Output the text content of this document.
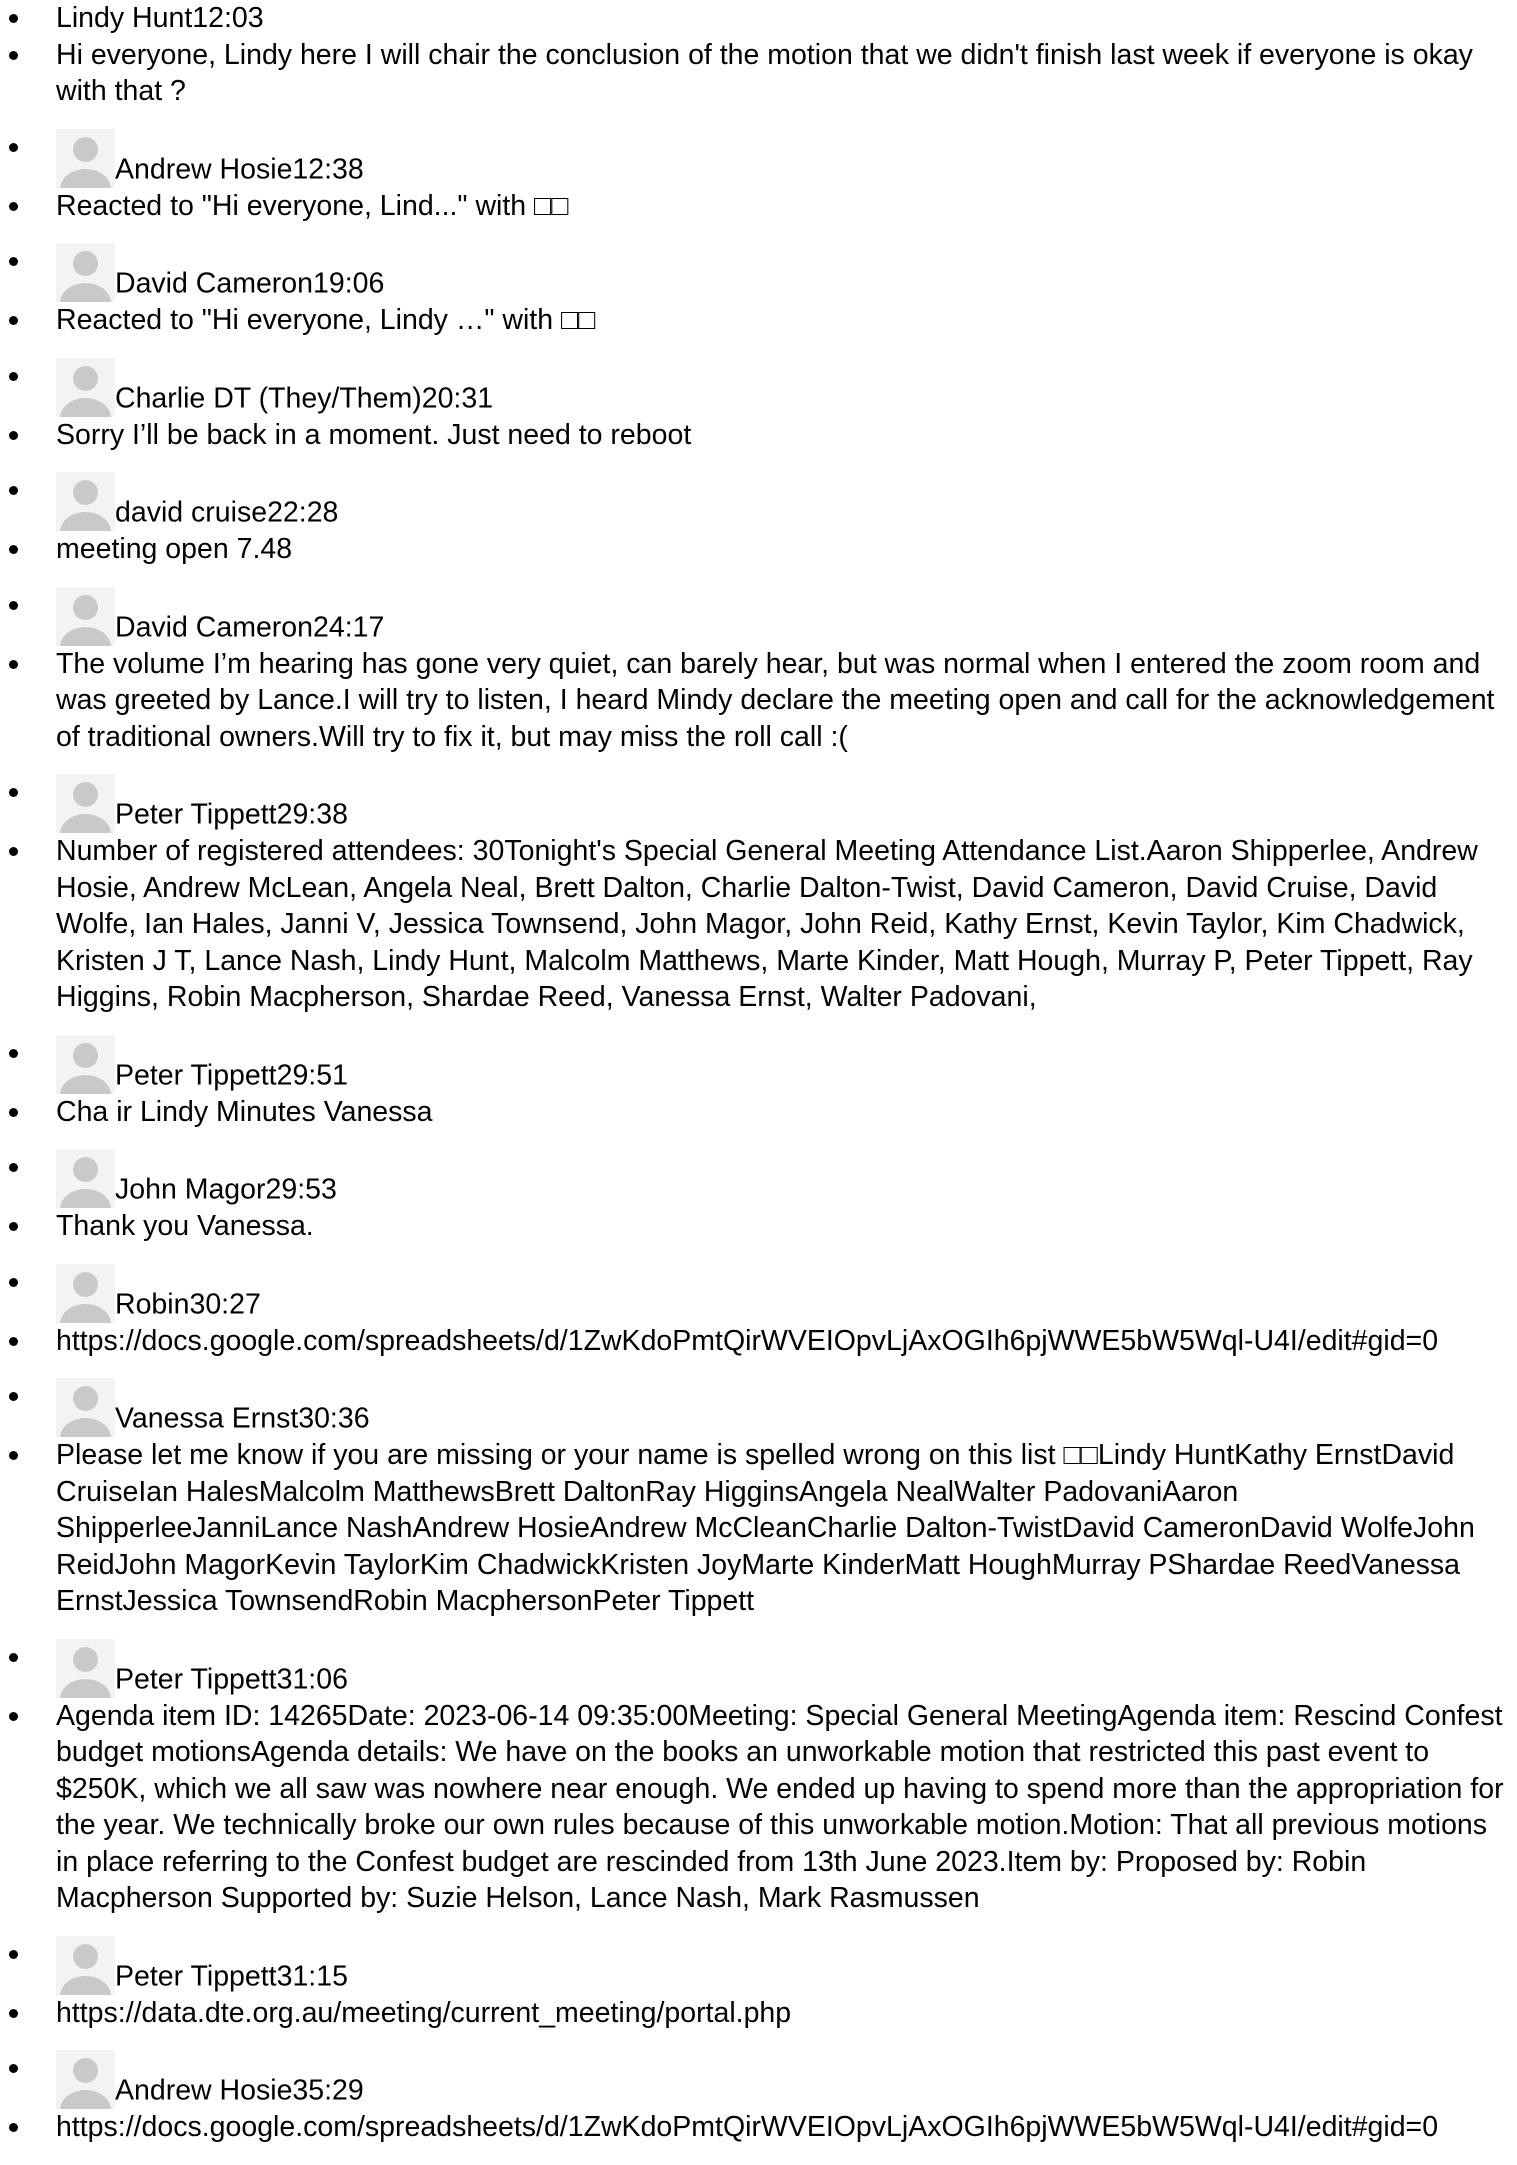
Lindy Hunt12:03
Hi everyone, Lindy here I will chair the conclusion of the motion that we didn't finish last week if everyone is okay with that ?
Andrew Hosie12:38
Reacted to "Hi everyone, Lind..." with □□
David Cameron19:06
Reacted to "Hi everyone, Lindy …" with □□
Charlie DT (They/Them)20:31
Sorry I’ll be back in a moment. Just need to reboot
david cruise22:28
meeting open 7.48
David Cameron24:17
The volume I’m hearing has gone very quiet, can barely hear, but was normal when I entered the zoom room and was greeted by Lance.I will try to listen, I heard Mindy declare the meeting open and call for the acknowledgement of traditional owners.Will try to fix it, but may miss the roll call :(
Peter Tippett29:38
Number of registered attendees: 30Tonight's Special General Meeting Attendance List.Aaron Shipperlee, Andrew Hosie, Andrew McLean, Angela Neal, Brett Dalton, Charlie Dalton-Twist, David Cameron, David Cruise, David Wolfe, Ian Hales, Janni V, Jessica Townsend, John Magor, John Reid, Kathy Ernst, Kevin Taylor, Kim Chadwick, Kristen J T, Lance Nash, Lindy Hunt, Malcolm Matthews, Marte Kinder, Matt Hough, Murray P, Peter Tippett, Ray Higgins, Robin Macpherson, Shardae Reed, Vanessa Ernst, Walter Padovani,
Peter Tippett29:51
Cha ir Lindy Minutes Vanessa
John Magor29:53
Thank you Vanessa.
Robin30:27
https://docs.google.com/spreadsheets/d/1ZwKdoPmtQirWVEIOpvLjAxOGIh6pjWWE5bW5Wql-U4I/edit#gid=0
Vanessa Ernst30:36
Please let me know if you are missing or your name is spelled wrong on this list □□Lindy HuntKathy ErnstDavid CruiseIan HalesMalcolm MatthewsBrett DaltonRay HigginsAngela NealWalter PadovaniAaron ShipperleeJanniLance NashAndrew HosieAndrew McCleanCharlie Dalton-TwistDavid CameronDavid WolfeJohn ReidJohn MagorKevin TaylorKim ChadwickKristen JoyMarte KinderMatt HoughMurray PShardae ReedVanessa ErnstJessica TownsendRobin MacphersonPeter Tippett
Peter Tippett31:06
Agenda item ID: 14265Date: 2023-06-14 09:35:00Meeting: Special General MeetingAgenda item: Rescind Confest budget motionsAgenda details: We have on the books an unworkable motion that restricted this past event to $250K, which we all saw was nowhere near enough. We ended up having to spend more than the appropriation for the year. We technically broke our own rules because of this unworkable motion.Motion: That all previous motions in place referring to the Confest budget are rescinded from 13th June 2023.Item by: Proposed by: Robin Macpherson Supported by: Suzie Helson, Lance Nash, Mark Rasmussen
Peter Tippett31:15
https://data.dte.org.au/meeting/current_meeting/portal.php
Andrew Hosie35:29
https://docs.google.com/spreadsheets/d/1ZwKdoPmtQirWVEIOpvLjAxOGIh6pjWWE5bW5Wql-U4I/edit#gid=0
